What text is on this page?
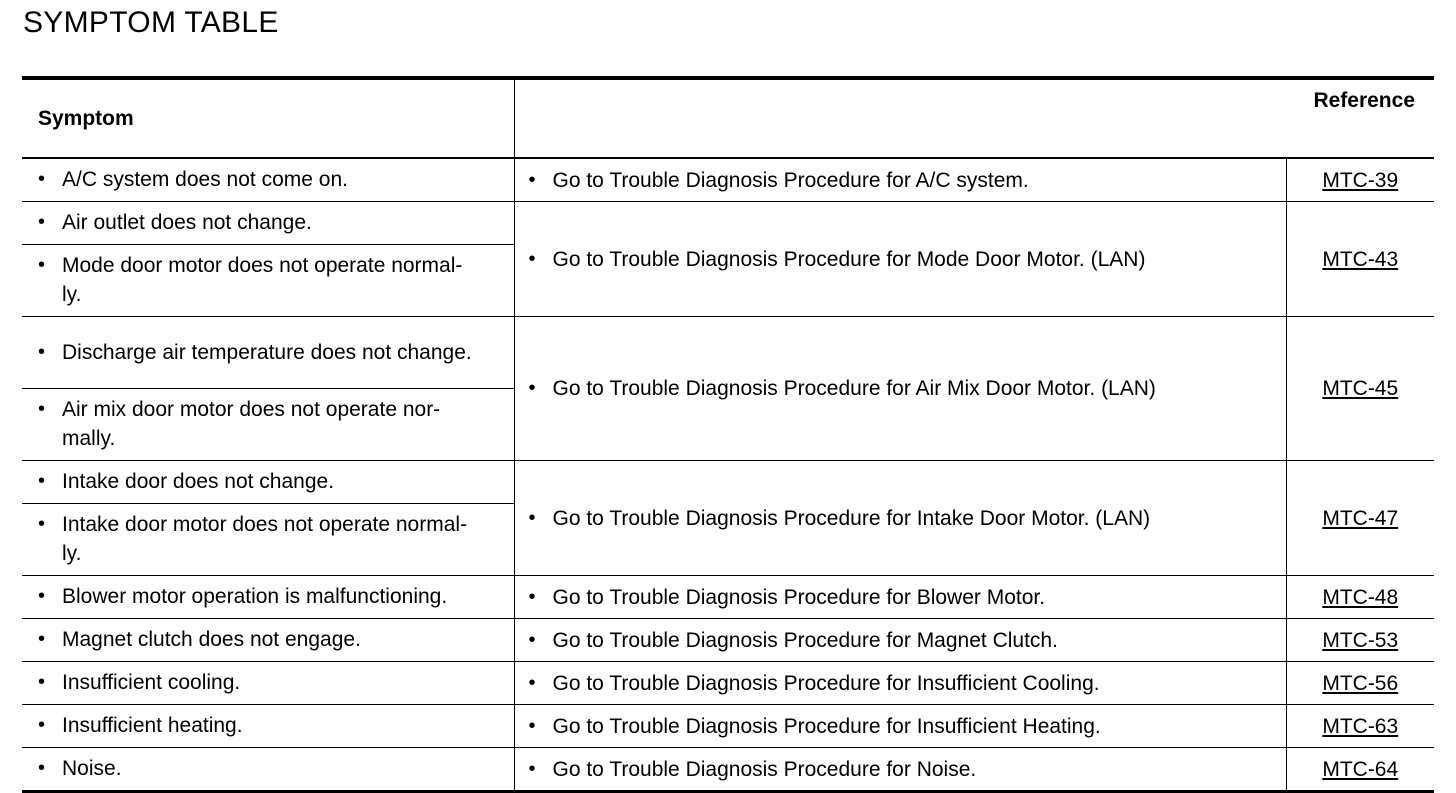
SYMPTOM TABLE
Symptom	Reference	

• A/C system does not come on.	• Go to Trouble Diagnosis Procedure for A/C system.	MTC-39

• Air outlet does not change.	• Go to Trouble Diagnosis Procedure for Mode Door Motor. (LAN)	MTC-43

• Mode door motor does not operate normal-
ly.		

• Discharge air temperature does not change.	• Go to Trouble Diagnosis Procedure for Air Mix Door Motor. (LAN)	MTC-45

• Air mix door motor does not operate nor-
mally.		

• Intake door does not change.	• Go to Trouble Diagnosis Procedure for Intake Door Motor. (LAN)	MTC-47

• Intake door motor does not operate normal-
ly.		

• Blower motor operation is malfunctioning.	• Go to Trouble Diagnosis Procedure for Blower Motor.	MTC-48

• Magnet clutch does not engage.	• Go to Trouble Diagnosis Procedure for Magnet Clutch.	MTC-53

• Insufficient cooling.	• Go to Trouble Diagnosis Procedure for Insufficient Cooling.	MTC-56

• Insufficient heating.	• Go to Trouble Diagnosis Procedure for Insufficient Heating.	MTC-63

• Noise.	• Go to Trouble Diagnosis Procedure for Noise.	MTC-64
